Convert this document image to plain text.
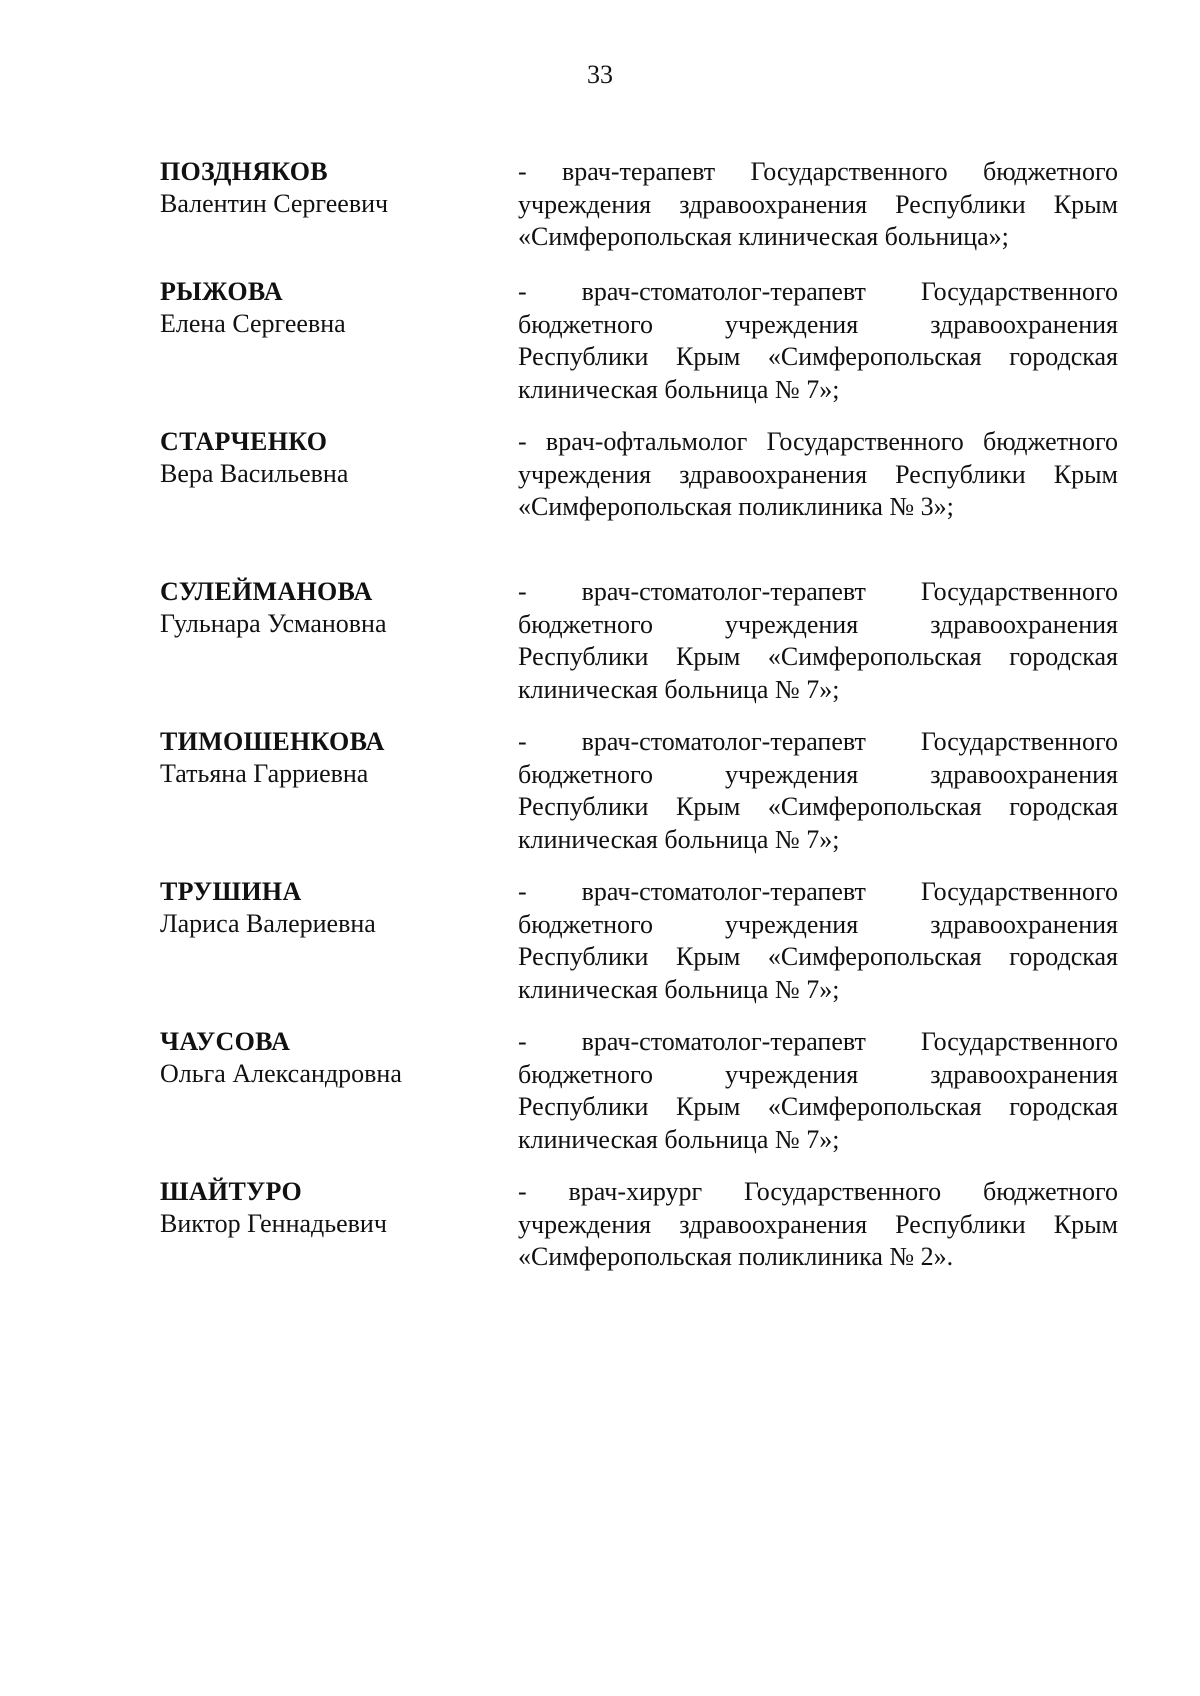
33
ПОЗДНЯКОВ
Валентин Сергеевич
- врач-терапевт Государственного бюджетного учреждения здравоохранения Республики Крым «Симферопольская клиническая больница»;
РЫЖОВА
Елена Сергеевна
- врач-стоматолог-терапевт Государственного бюджетного учреждения здравоохранения Республики Крым «Симферопольская городская клиническая больница № 7»;
СТАРЧЕНКО
Вера Васильевна
- врач-офтальмолог Государственного бюджетного учреждения здравоохранения Республики Крым «Симферопольская поликлиника № 3»;
СУЛЕЙМАНОВА
Гульнара Усмановна
- врач-стоматолог-терапевт Государственного бюджетного учреждения здравоохранения Республики Крым «Симферопольская городская клиническая больница № 7»;
ТИМОШЕНКОВА
Татьяна Гарриевна
- врач-стоматолог-терапевт Государственного бюджетного учреждения здравоохранения Республики Крым «Симферопольская городская клиническая больница № 7»;
ТРУШИНА
Лариса Валериевна
- врач-стоматолог-терапевт Государственного бюджетного учреждения здравоохранения Республики Крым «Симферопольская городская клиническая больница № 7»;
ЧАУСОВА
Ольга Александровна
- врач-стоматолог-терапевт Государственного бюджетного учреждения здравоохранения Республики Крым «Симферопольская городская клиническая больница № 7»;
ШАЙТУРО
Виктор Геннадьевич
- врач-хирург Государственного бюджетного учреждения здравоохранения Республики Крым «Симферопольская поликлиника № 2».
